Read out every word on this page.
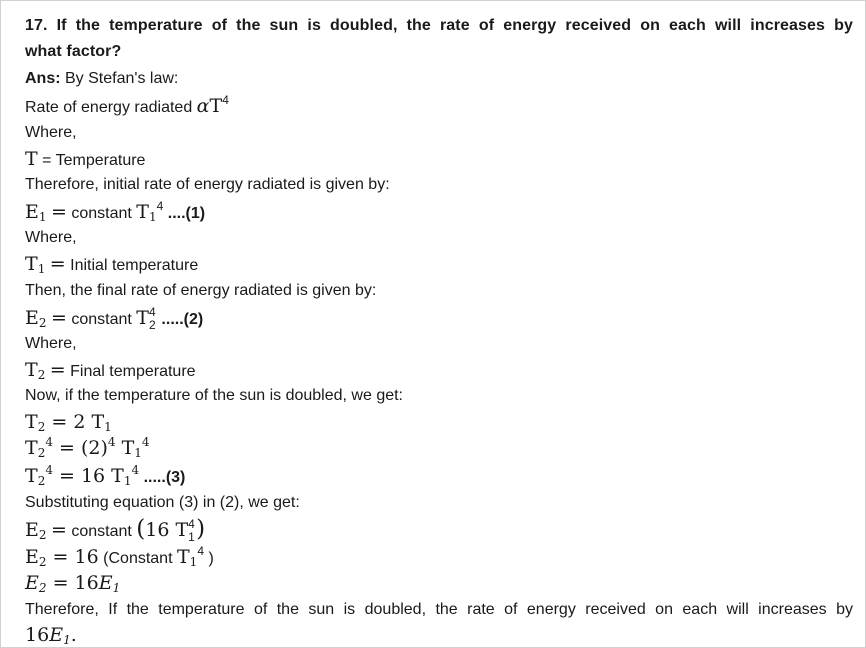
17. If the temperature of the sun is doubled, the rate of energy received on each will increases by
what factor?
Ans: By Stefan's law:
Rate of energy radiated $\alpha T^4$
Where,
T = Temperature
Therefore, initial rate of energy radiated is given by:
$E_1$ = constant $T_1^4$ ....(1)
Where,
$T_1$ = Initial temperature
Then, the final rate of energy radiated is given by:
$E_2$ = constant T 4
2 .....(2)
Where,
$T_2$ = Final temperature
Now, if the temperature of the sun is doubled, we get:
$T_2 = 2$ $T_1$
$T_2^4 = (2)^4$ $T_1^4$
$T_2^4 = 16$ $T_1^4$ .....(3)
Substituting equation (3) in (2), we get:
$E_2$ = constant (16 T 4
1 )
$E_2 = 16$ (Constant $T_1^4$ )
$E_2 = 16E_1$
Therefore, If the temperature of the sun is doubled, the rate of energy received on each will increases by
$16E_1$.
